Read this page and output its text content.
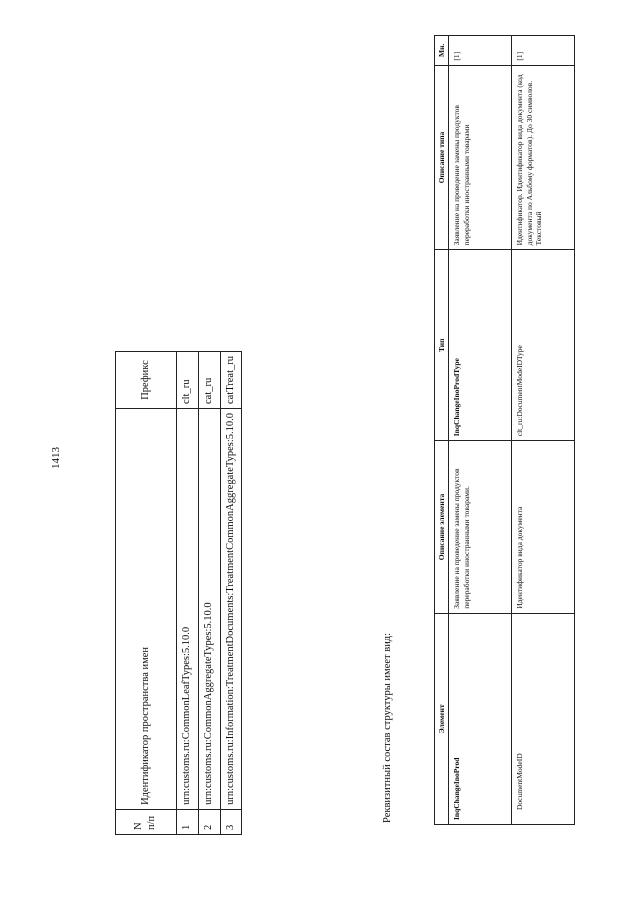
1413
N п/п	Идентификатор пространства имен	Префикс
1	urn:customs.ru:CommonLeafTypes:5.10.0	clt_ru
2	urn:customs.ru:CommonAggregateTypes:5.10.0	cat_ru
3	urn:customs.ru:Information:TreatmentDocuments:TreatmentCommonAggregateTypes:5.10.0	catTreat_ru
Реквизитный состав структуры имеет вид:	Элемент	Описание элемента	Тип	Описание типа	Мн.
InqChangeInoProd	Заявление на проведение замены продуктов переработки иностранными товарами.	InqChangeInoProdType	Заявление на проведение замены продуктов переработки иностранными товарами	[1]
DocumentModeID	Идентификатор вида документа	clt_ru:DocumentModeIDType	Идентификатор. Идентификатор вида документа (код документа по Альбому форматов). До 30 символов. Текстовый	[1]
